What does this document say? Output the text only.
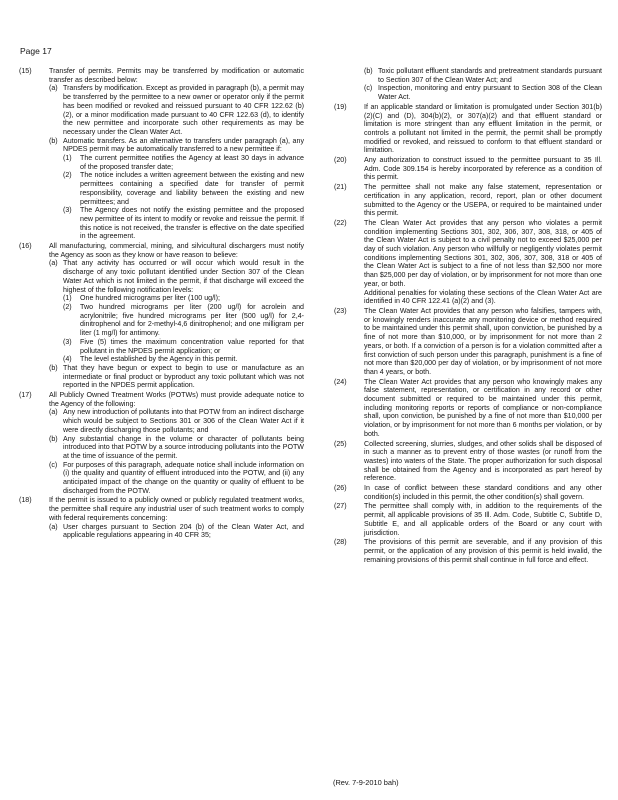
Page 17
(15)	Transfer of permits. Permits may be transferred by modification or automatic transfer as described below:
(a) Transfers by modification. Except as provided in paragraph (b), a permit may be transferred by the permittee to a new owner or operator only if the permit has been modified or revoked and reissued pursuant to 40 CFR 122.62 (b) (2), or a minor modification made pursuant to 40 CFR 122.63 (d), to identify the new permittee and incorporate such other requirements as may be necessary under the Clean Water Act.
(b) Automatic transfers. As an alternative to transfers under paragraph (a), any NPDES permit may be automatically transferred to a new permittee if:
(1)	The current permittee notifies the Agency at least 30 days in advance of the proposed transfer date;
(2)	The notice includes a written agreement between the existing and new permittees containing a specified date for transfer of permit responsibility, coverage and liability between the existing and new permittees; and
(3)	The Agency does not notify the existing permittee and the proposed new permittee of its intent to modify or revoke and reissue the permit. If this notice is not received, the transfer is effective on the date specified in the agreement.
(16)	All manufacturing, commercial, mining, and silvicultural dischargers must notify the Agency as soon as they know or have reason to believe:
(a) That any activity has occurred or will occur which would result in the discharge of any toxic pollutant identified under Section 307 of the Clean Water Act which is not limited in the permit, if that discharge will exceed the highest of the following notification levels:
(1)	One hundred micrograms per liter (100 ug/l);
(2)	Two hundred micrograms per liter (200 ug/l) for acrolein and acrylonitrile; five hundred micrograms per liter (500 ug/l) for 2,4-dinitrophenol and for 2-methyl-4,6 dinitrophenol; and one milligram per liter (1 mg/l) for antimony.
(3)	Five (5) times the maximum concentration value reported for that pollutant in the NPDES permit application; or
(4)	The level established by the Agency in this permit.
(b) That they have begun or expect to begin to use or manufacture as an intermediate or final product or byproduct any toxic pollutant which was not reported in the NPDES permit application.
(17)	All Publicly Owned Treatment Works (POTWs) must provide adequate notice to the Agency of the following:
(a) Any new introduction of pollutants into that POTW from an indirect discharge which would be subject to Sections 301 or 306 of the Clean Water Act if it were directly discharging those pollutants; and
(b) Any substantial change in the volume or character of pollutants being introduced into that POTW by a source introducing pollutants into the POTW at the time of issuance of the permit.
(c) For purposes of this paragraph, adequate notice shall include information on (i) the quality and quantity of effluent introduced into the POTW, and (ii) any anticipated impact of the change on the quantity or quality of effluent to be discharged from the POTW.
(18)	If the permit is issued to a publicly owned or publicly regulated treatment works, the permittee shall require any industrial user of such treatment works to comply with federal requirements concerning:
(a) User charges pursuant to Section 204 (b) of the Clean Water Act, and applicable regulations appearing in 40 CFR 35;
(b) Toxic pollutant effluent standards and pretreatment standards pursuant to Section 307 of the Clean Water Act; and
(c) Inspection, monitoring and entry pursuant to Section 308 of the Clean Water Act.
(19)	If an applicable standard or limitation is promulgated under Section 301(b)(2)(C) and (D), 304(b)(2), or 307(a)(2) and that effluent standard or limitation is more stringent than any effluent limitation in the permit, or controls a pollutant not limited in the permit, the permit shall be promptly modified or revoked, and reissued to conform to that effluent standard or limitation.
(20)	Any authorization to construct issued to the permittee pursuant to 35 Ill. Adm. Code 309.154 is hereby incorporated by reference as a condition of this permit.
(21)	The permittee shall not make any false statement, representation or certification in any application, record, report, plan or other document submitted to the Agency or the USEPA, or required to be maintained under this permit.
(22)	The Clean Water Act provides that any person who violates a permit condition implementing Sections 301, 302, 306, 307, 308, 318, or 405 of the Clean Water Act is subject to a civil penalty not to exceed $25,000 per day of such violation. Any person who willfully or negligently violates permit conditions implementing Sections 301, 302, 306, 307, 308, 318 or 405 of the Clean Water Act is subject to a fine of not less than $2,500 nor more than $25,000 per day of violation, or by imprisonment for not more than one year, or both.
Additional penalties for violating these sections of the Clean Water Act are identified in 40 CFR 122.41 (a)(2) and (3).
(23)	The Clean Water Act provides that any person who falsifies, tampers with, or knowingly renders inaccurate any monitoring device or method required to be maintained under this permit shall, upon conviction, be punished by a fine of not more than $10,000, or by imprisonment for not more than 2 years, or both. If a conviction of a person is for a violation committed after a first conviction of such person under this paragraph, punishment is a fine of not more than $20,000 per day of violation, or by imprisonment of not more than 4 years, or both.
(24)	The Clean Water Act provides that any person who knowingly makes any false statement, representation, or certification in any record or other document submitted or required to be maintained under this permit, including monitoring reports or reports of compliance or non-compliance shall, upon conviction, be punished by a fine of not more than $10,000 per violation, or by imprisonment for not more than 6 months per violation, or by both.
(25)	Collected screening, slurries, sludges, and other solids shall be disposed of in such a manner as to prevent entry of those wastes (or runoff from the wastes) into waters of the State. The proper authorization for such disposal shall be obtained from the Agency and is incorporated as part hereof by reference.
(26)	In case of conflict between these standard conditions and any other condition(s) included in this permit, the other condition(s) shall govern.
(27)	The permittee shall comply with, in addition to the requirements of the permit, all applicable provisions of 35 Ill. Adm. Code, Subtitle C, Subtitle D, Subtitle E, and all applicable orders of the Board or any court with jurisdiction.
(28)	The provisions of this permit are severable, and if any provision of this permit, or the application of any provision of this permit is held invalid, the remaining provisions of this permit shall continue in full force and effect.
(Rev. 7-9-2010 bah)
